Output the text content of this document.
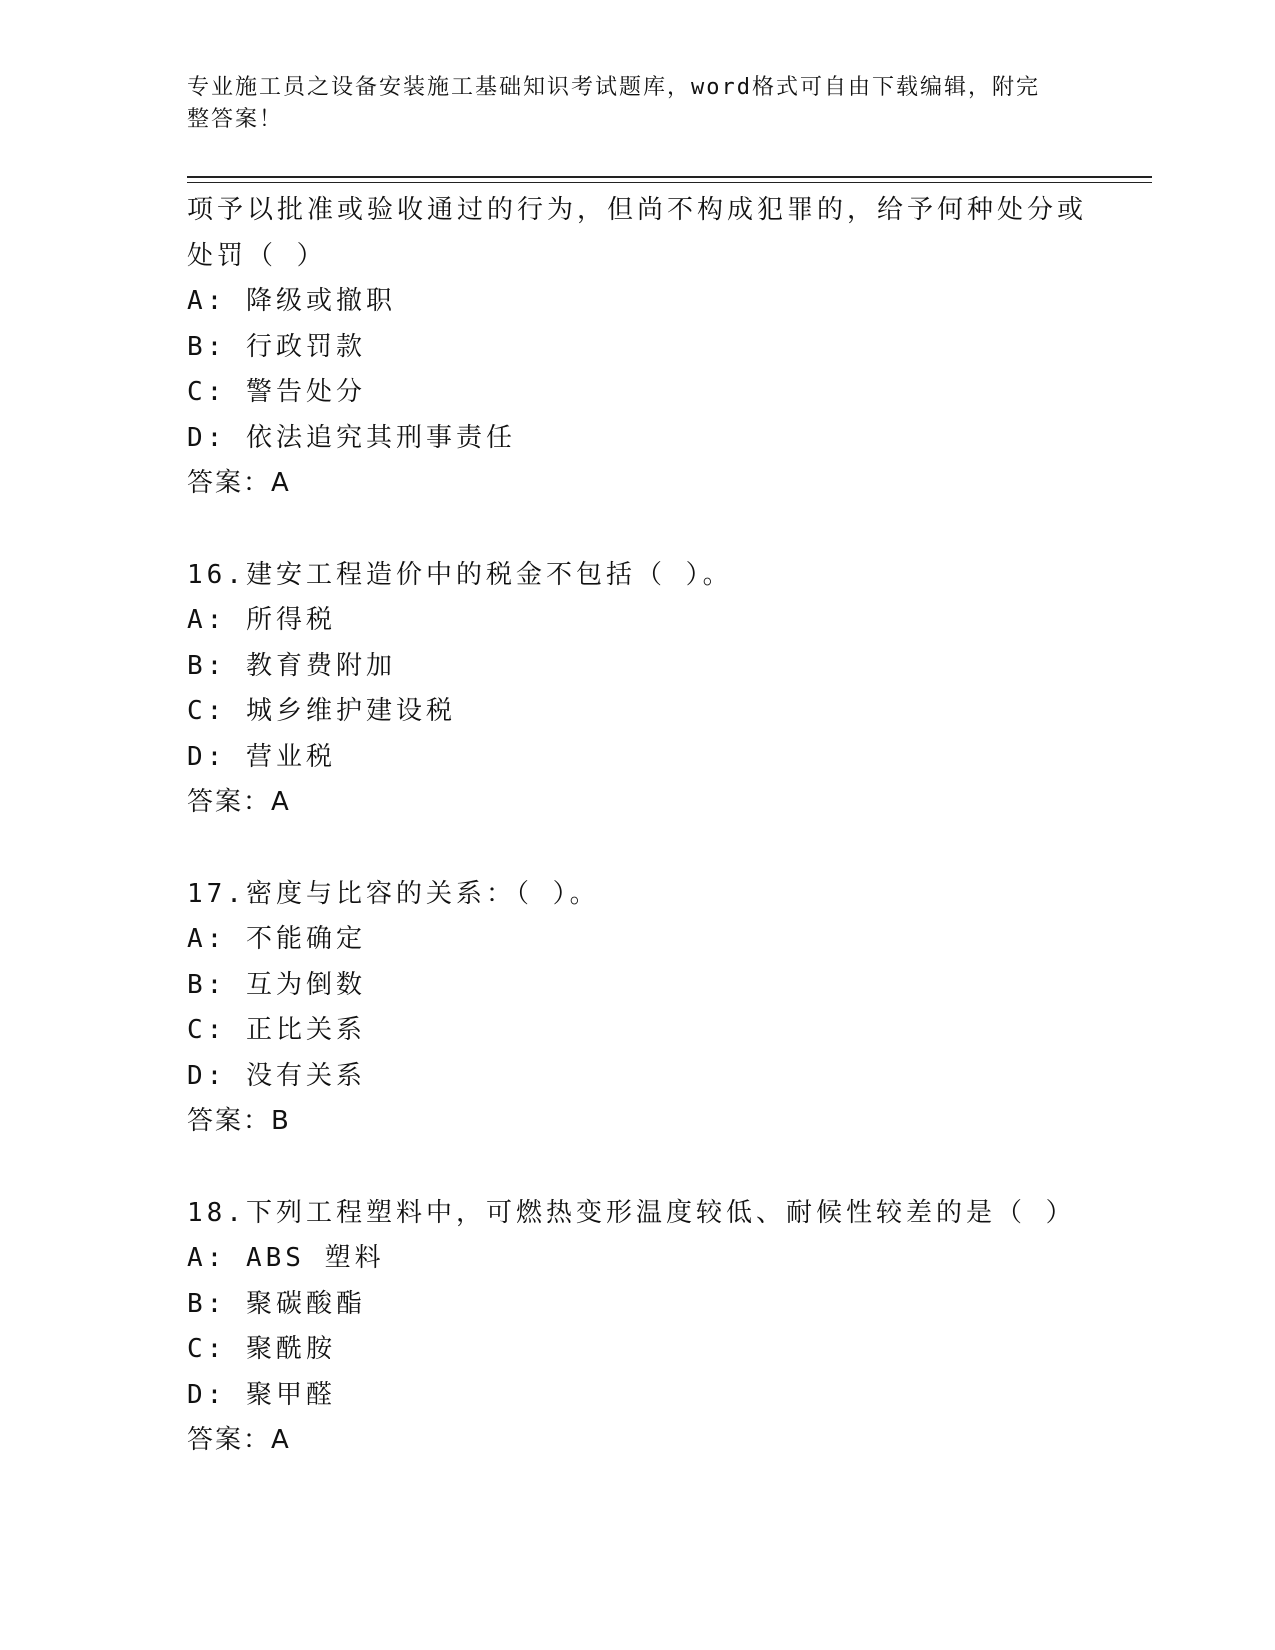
专业施工员之设备安装施工基础知识考试题库，word格式可自由下载编辑，附完
整答案！
项予以批准或验收通过的行为，但尚不构成犯罪的，给予何种处分或
处罚（ ）
A: 降级或撤职
B: 行政罚款
C: 警告处分
D: 依法追究其刑事责任
答案：A
16.建安工程造价中的税金不包括（ ）。
A: 所得税
B: 教育费附加
C: 城乡维护建设税
D: 营业税
答案：A
17.密度与比容的关系：（ ）。
A: 不能确定
B: 互为倒数
C: 正比关系
D: 没有关系
答案：B
18.下列工程塑料中，可燃热变形温度较低、耐候性较差的是（ ）
A: ABS 塑料
B: 聚碳酸酯
C: 聚酰胺
D: 聚甲醛
答案：A
